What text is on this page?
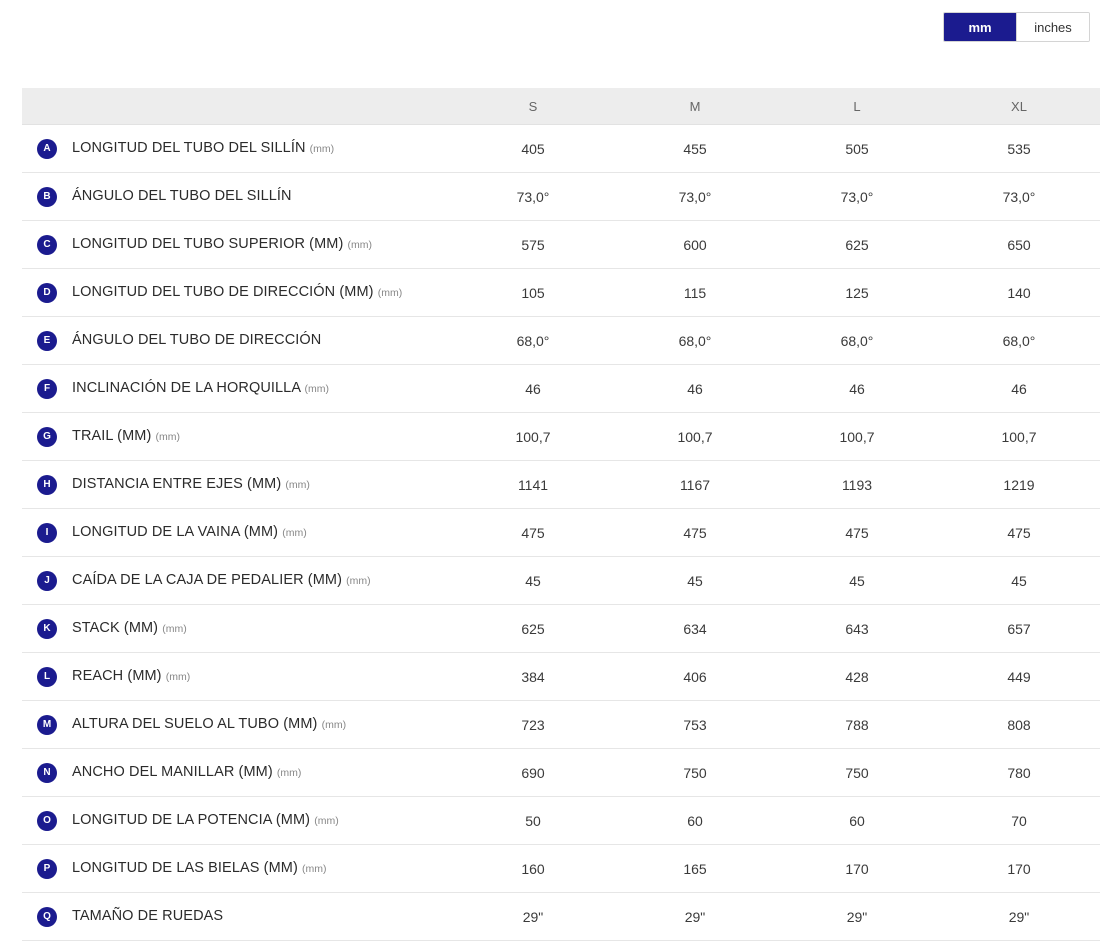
mm	inches
		S	M	L	XL
A	LONGITUD DEL TUBO DEL SILLÍN (mm)	405	455	505	535
B	ÁNGULO DEL TUBO DEL SILLÍN	73,0°	73,0°	73,0°	73,0°
C	LONGITUD DEL TUBO SUPERIOR (MM) (mm)	575	600	625	650
D	LONGITUD DEL TUBO DE DIRECCIÓN (MM) (mm)	105	115	125	140
E	ÁNGULO DEL TUBO DE DIRECCIÓN	68,0°	68,0°	68,0°	68,0°
F	INCLINACIÓN DE LA HORQUILLA (mm)	46	46	46	46
G	TRAIL (MM) (mm)	100,7	100,7	100,7	100,7
H	DISTANCIA ENTRE EJES (MM) (mm)	1141	1167	1193	1219
I	LONGITUD DE LA VAINA (MM) (mm)	475	475	475	475
J	CAÍDA DE LA CAJA DE PEDALIER (MM) (mm)	45	45	45	45
K	STACK (MM) (mm)	625	634	643	657
L	REACH (MM) (mm)	384	406	428	449
M	ALTURA DEL SUELO AL TUBO (MM) (mm)	723	753	788	808
N	ANCHO DEL MANILLAR (MM) (mm)	690	750	750	780
O	LONGITUD DE LA POTENCIA (MM) (mm)	50	60	60	70
P	LONGITUD DE LAS BIELAS (MM) (mm)	160	165	170	170
Q	TAMAÑO DE RUEDAS	29"	29"	29"	29"
